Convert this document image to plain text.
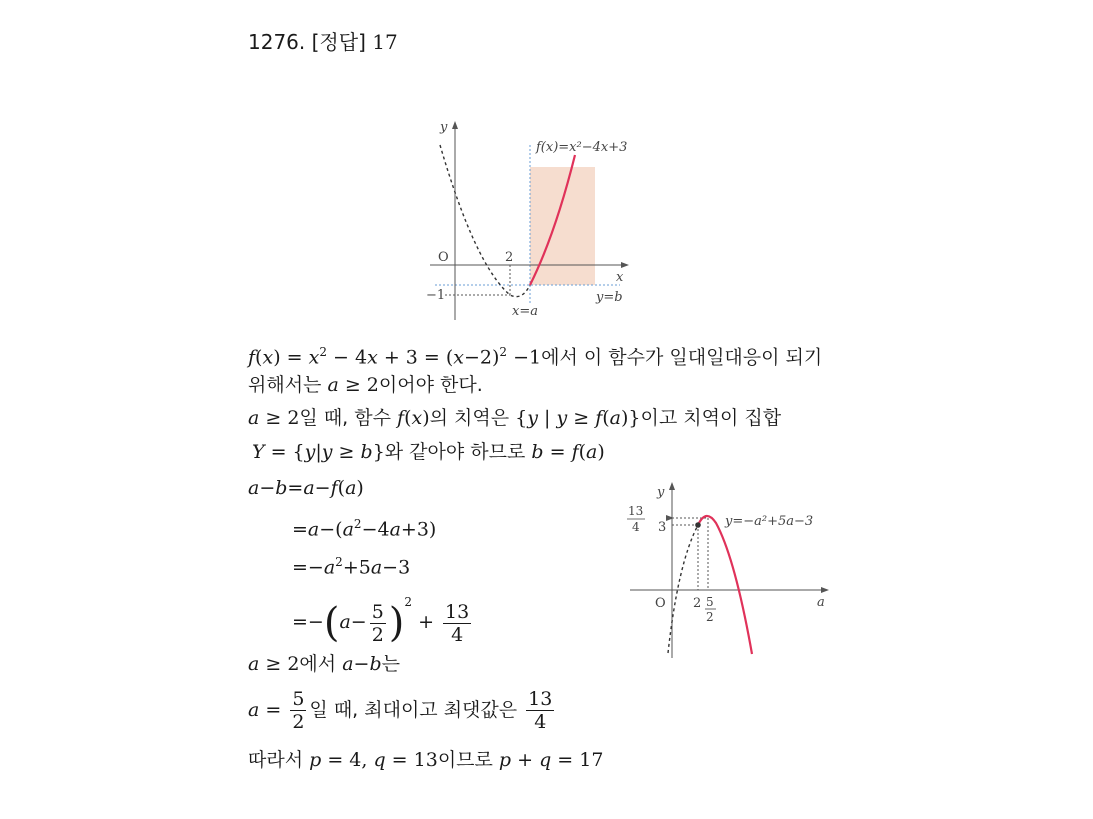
1276. [정답] 17
y
x
O	2
−1
f(x)=x²−4x+3
x=a
y=b
y
a
O 2 5
2
13
4 3	y=−a²+5a−3
$f(x) = x^2 - 4x + 3 = (x-2)^2 -1$에서 이 함수가 일대일대응이 되기
위해서는 a ≥ 2이어야 한다.
a ≥ 2일 때, 함수 f(x)의 치역은 {y | y ≥ f(a)}이고 치역이 집합
Y = {y|y ≥ b}와 같아야 하므로 b = f(a)
a−b=a−f(a)
$=a-(a^2-4a+3)$
$=-a^2+5a-3$
$=-(a- \frac{5}{2} )^2 + \frac{13}{4}$
a ≥ 2에서 a−b는
$a = \frac{5}{2}$ 일 때, 최대이고 최댓값은 $\frac{13}{4}$
따라서 p = 4, q = 13이므로 p + q = 17
